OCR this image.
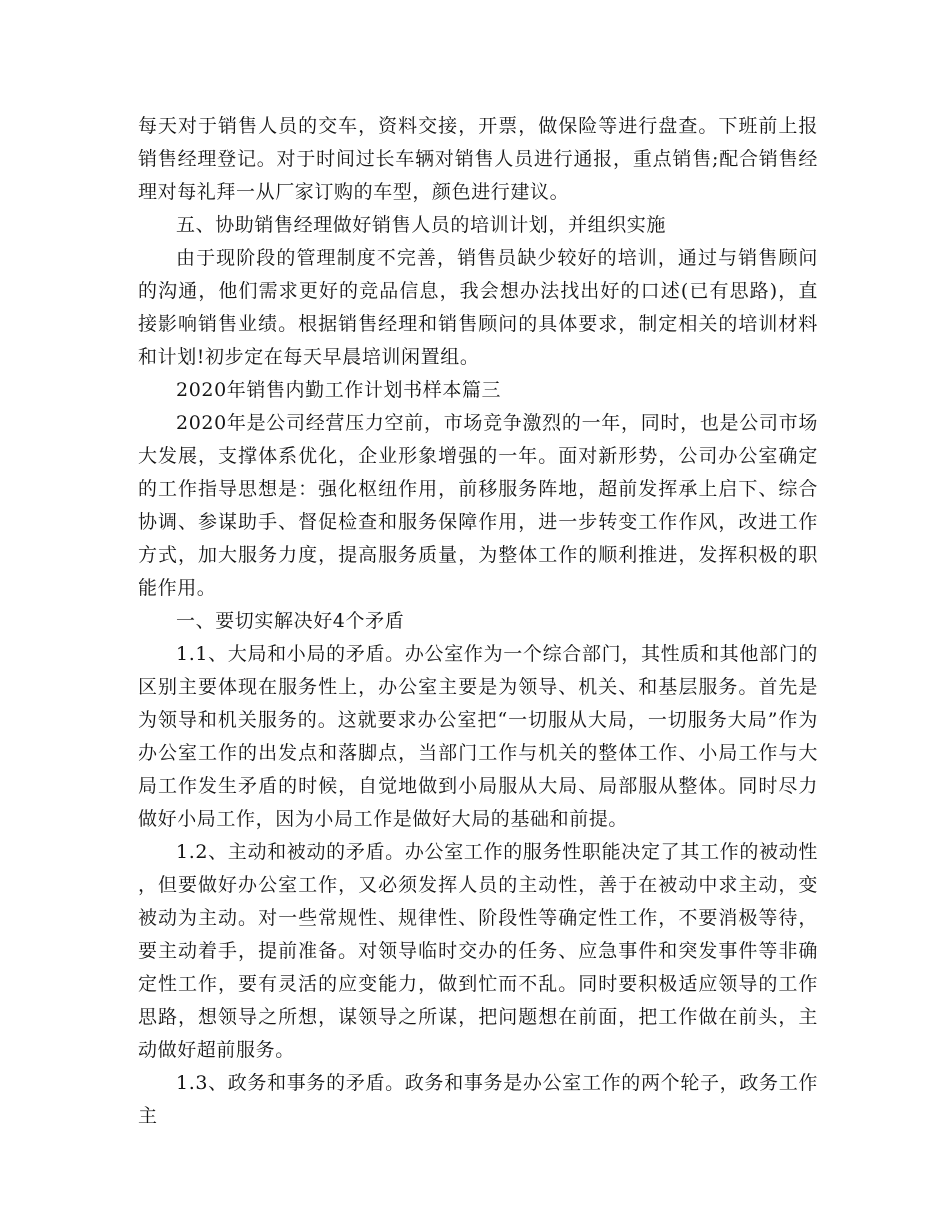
每天对于销售人员的交车，资料交接，开票，做保险等进行盘查。下班前上报销售经理登记。对于时间过长车辆对销售人员进行通报，重点销售;配合销售经理对每礼拜一从厂家订购的车型，颜色进行建议。

五、协助销售经理做好销售人员的培训计划，并组织实施

由于现阶段的管理制度不完善，销售员缺少较好的培训，通过与销售顾问的沟通，他们需求更好的竞品信息，我会想办法找出好的口述(已有思路)，直接影响销售业绩。根据销售经理和销售顾问的具体要求，制定相关的培训材料和计划!初步定在每天早晨培训闲置组。

2020年销售内勤工作计划书样本篇三

2020年是公司经营压力空前，市场竞争激烈的一年，同时，也是公司市场大发展，支撑体系优化，企业形象增强的一年。面对新形势，公司办公室确定的工作指导思想是：强化枢纽作用，前移服务阵地，超前发挥承上启下、综合协调、参谋助手、督促检查和服务保障作用，进一步转变工作作风，改进工作方式，加大服务力度，提高服务质量，为整体工作的顺利推进，发挥积极的职能作用。

一、要切实解决好4个矛盾

1.1、大局和小局的矛盾。办公室作为一个综合部门，其性质和其他部门的区别主要体现在服务性上，办公室主要是为领导、机关、和基层服务。首先是为领导和机关服务的。这就要求办公室把“一切服从大局，一切服务大局”作为办公室工作的出发点和落脚点，当部门工作与机关的整体工作、小局工作与大局工作发生矛盾的时候，自觉地做到小局服从大局、局部服从整体。同时尽力做好小局工作，因为小局工作是做好大局的基础和前提。

1.2、主动和被动的矛盾。办公室工作的服务性职能决定了其工作的被动性，但要做好办公室工作，又必须发挥人员的主动性，善于在被动中求主动，变被动为主动。对一些常规性、规律性、阶段性等确定性工作，不要消极等待，要主动着手，提前准备。对领导临时交办的任务、应急事件和突发事件等非确定性工作，要有灵活的应变能力，做到忙而不乱。同时要积极适应领导的工作思路，想领导之所想，谋领导之所谋，把问题想在前面，把工作做在前头，主动做好超前服务。

1.3、政务和事务的矛盾。政务和事务是办公室工作的两个轮子，政务工作主
